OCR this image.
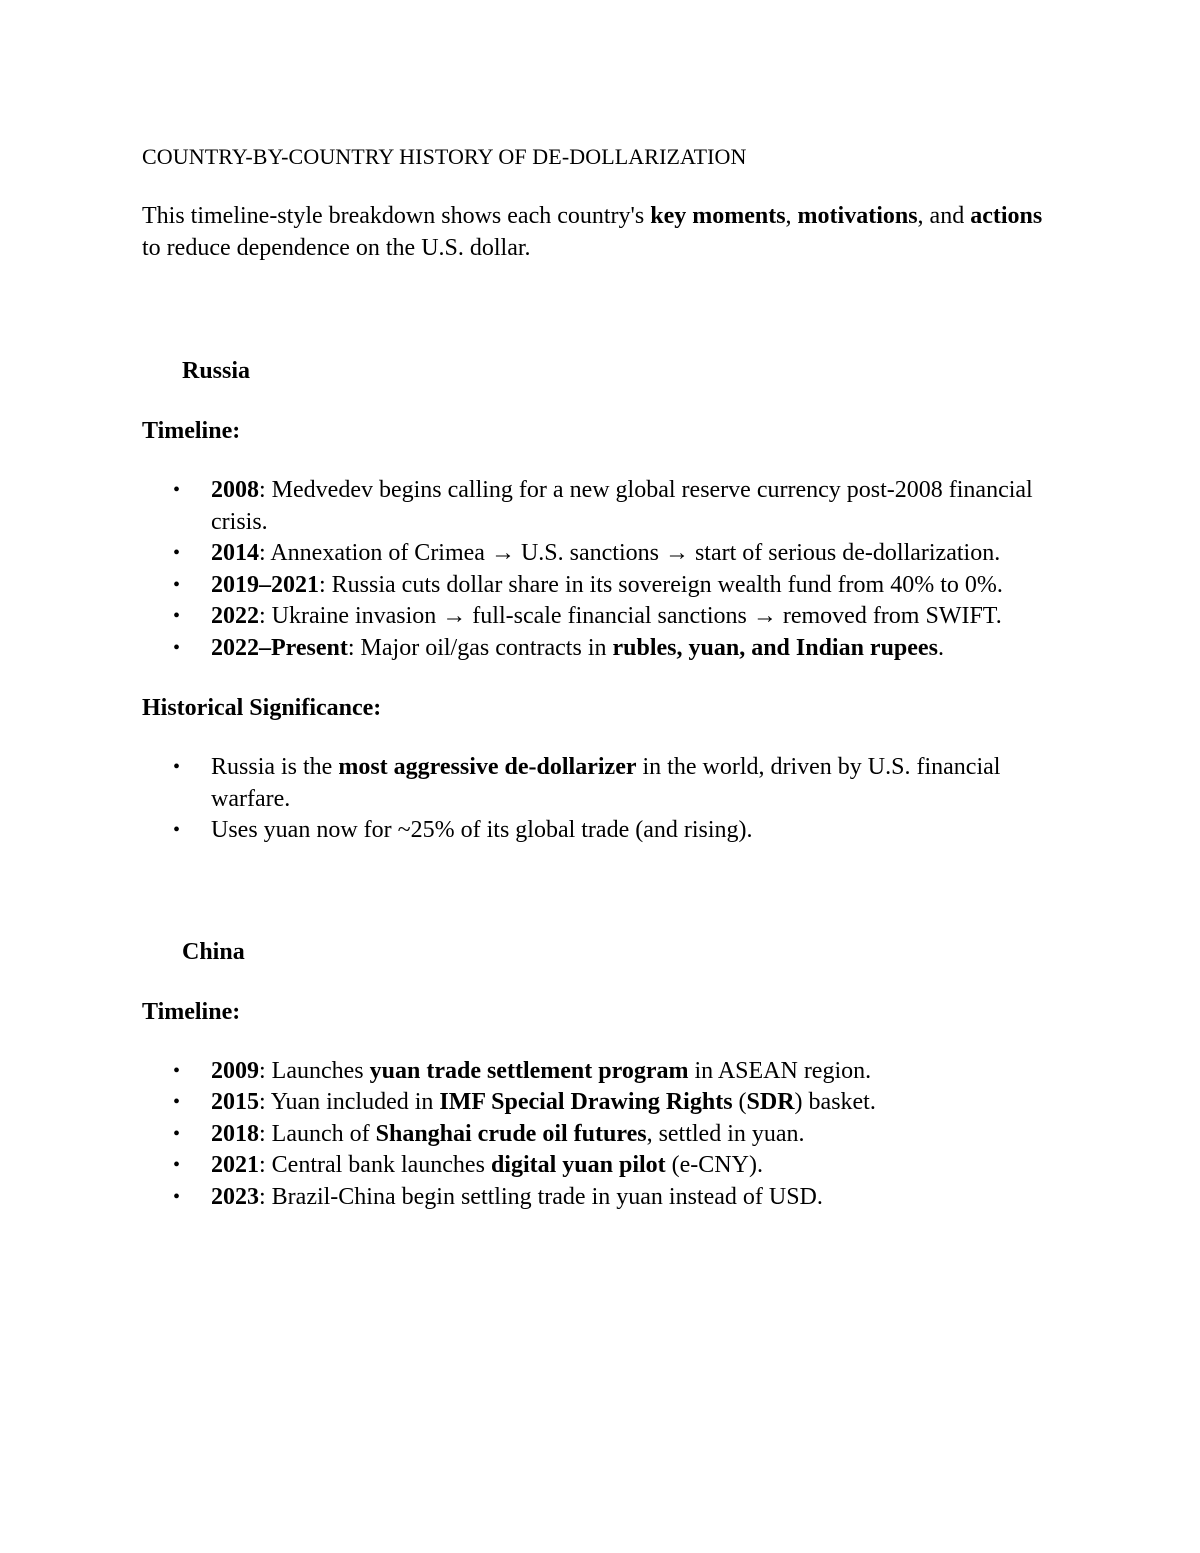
COUNTRY-BY-COUNTRY HISTORY OF DE-DOLLARIZATION
This timeline-style breakdown shows each country's key moments, motivations, and actions to reduce dependence on the U.S. dollar.
Russia
Timeline:
• 2008: Medvedev begins calling for a new global reserve currency post-2008 financial crisis.
• 2014: Annexation of Crimea → U.S. sanctions → start of serious de-dollarization.
• 2019–2021: Russia cuts dollar share in its sovereign wealth fund from 40% to 0%.
• 2022: Ukraine invasion → full-scale financial sanctions → removed from SWIFT.
• 2022–Present: Major oil/gas contracts in rubles, yuan, and Indian rupees.
Historical Significance:
• Russia is the most aggressive de-dollarizer in the world, driven by U.S. financial warfare.
• Uses yuan now for ~25% of its global trade (and rising).
China
Timeline:
• 2009: Launches yuan trade settlement program in ASEAN region.
• 2015: Yuan included in IMF Special Drawing Rights (SDR) basket.
• 2018: Launch of Shanghai crude oil futures, settled in yuan.
• 2021: Central bank launches digital yuan pilot (e-CNY).
• 2023: Brazil-China begin settling trade in yuan instead of USD.
